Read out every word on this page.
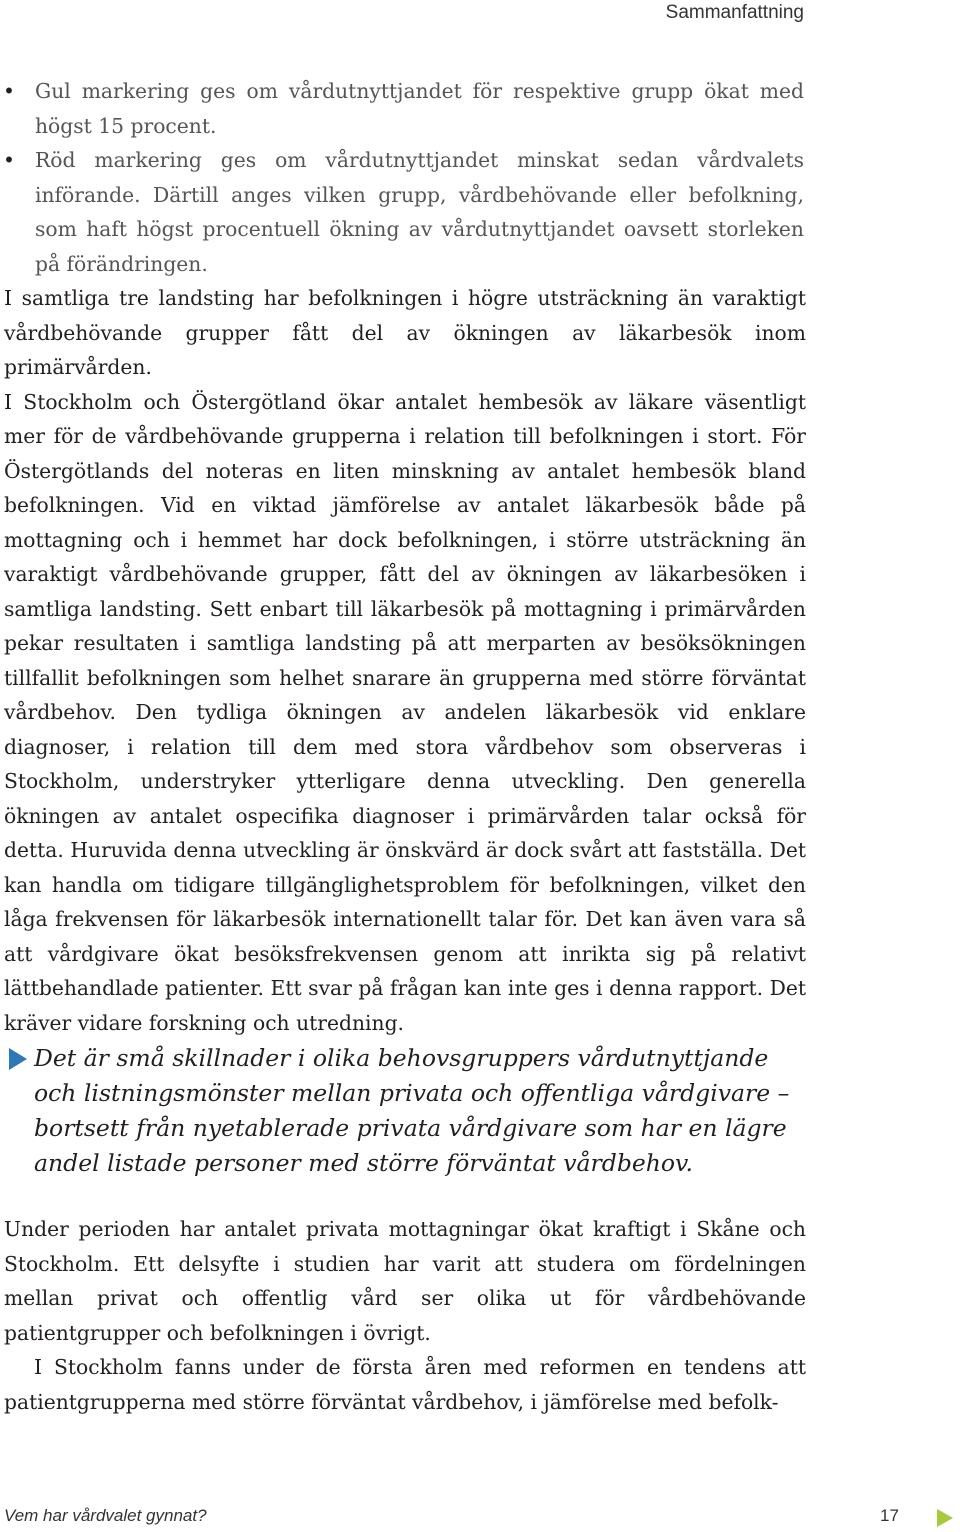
Sammanfattning
• Gul markering ges om vårdutnyttjandet för respektive grupp ökat med högst 15 procent.
• Röd markering ges om vårdutnyttjandet minskat sedan vårdvalets införande. Därtill anges vilken grupp, vårdbehövande eller befolkning, som haft högst procentuell ökning av vårdutnyttjandet oavsett storleken på förändringen.

I samtliga tre landsting har befolkningen i högre utsträckning än varaktigt vårdbehövande grupper fått del av ökningen av läkarbesök inom primärvården.

I Stockholm och Östergötland ökar antalet hembesök av läkare väsentligt mer för de vårdbehövande grupperna i relation till befolkningen i stort. För Östergötlands del noteras en liten minskning av antalet hembesök bland befolkningen. Vid en viktad jämförelse av antalet läkarbesök både på mottagning och i hemmet har dock befolkningen, i större utsträckning än varaktigt vårdbehövande grupper, fått del av ökningen av läkarbesöken i samtliga landsting. Sett enbart till läkarbesök på mottagning i primärvården pekar resultaten i samtliga landsting på att merparten av besöksökningen tillfallit befolkningen som helhet snarare än grupperna med större förväntat vårdbehov. Den tydliga ökningen av andelen läkarbesök vid enklare diagnoser, i relation till dem med stora vårdbehov som observeras i Stockholm, understryker ytterligare denna utveckling. Den generella ökningen av antalet ospecifika diagnoser i primärvården talar också för detta. Huruvida denna utveckling är önskvärd är dock svårt att fastställa. Det kan handla om tidigare tillgänglighetsproblem för befolkningen, vilket den låga frekvensen för läkarbesök internationellt talar för. Det kan även vara så att vårdgivare ökat besöksfrekvensen genom att inrikta sig på relativt lättbehandlade patienter. Ett svar på frågan kan inte ges i denna rapport. Det kräver vidare forskning och utredning.

Det är små skillnader i olika behovsgruppers vårdutnyttjande och listningsmönster mellan privata och offentliga vårdgivare – bortsett från nyetablerade privata vårdgivare som har en lägre andel listade personer med större förväntat vårdbehov.

Under perioden har antalet privata mottagningar ökat kraftigt i Skåne och Stockholm. Ett delsyfte i studien har varit att studera om fördelningen mellan privat och offentlig vård ser olika ut för vårdbehövande patientgrupper och befolkningen i övrigt.

I Stockholm fanns under de första åren med reformen en tendens att patientgrupperna med större förväntat vårdbehov, i jämförelse med befolk-

Vem har vårdvalet gynnat?	17
